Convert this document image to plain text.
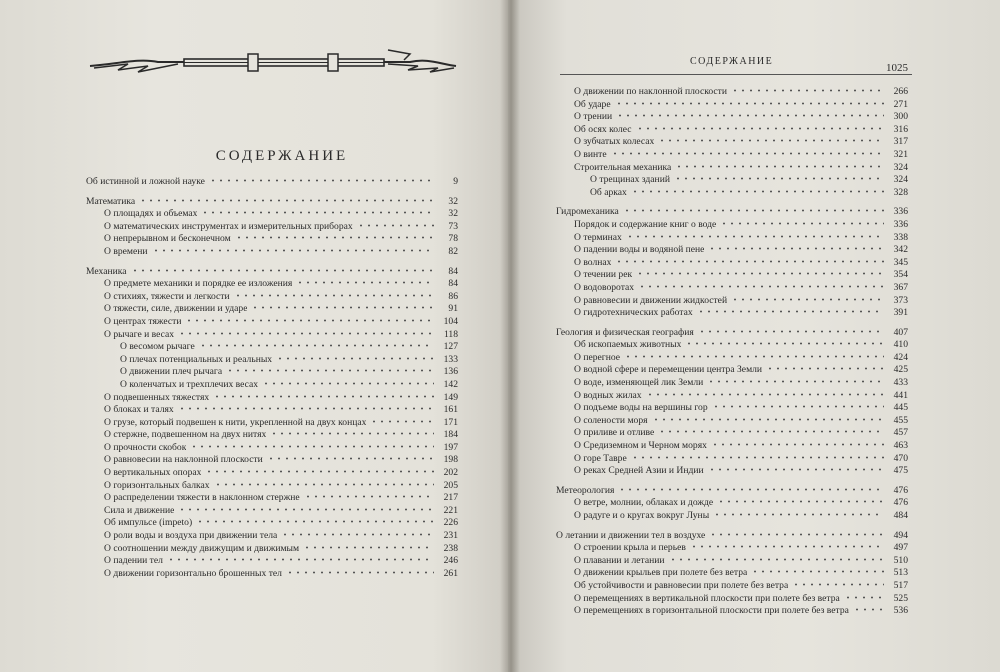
СОДЕРЖАНИЕ
Об истинной и ложной науке	9
Математика	32
О площадях и объемах	32
О математических инструментах и измерительных приборах	73
О непрерывном и бесконечном	78
О времени	82
Механика	84
О предмете механики и порядке ее изложения	84
О стихиях, тяжести и легкости	86
О тяжести, силе, движении и ударе	91
О центрах тяжести	104
О рычаге и весах	118
О весомом рычаге	127
О плечах потенциальных и реальных	133
О движении плеч рычага	136
О коленчатых и трехплечих весах	142
О подвешенных тяжестях	149
О блоках и талях	161
О грузе, который подвешен к нити, укрепленной на двух концах	171
О стержне, подвешенном на двух нитях	184
О прочности скобок	197
О равновесии на наклонной плоскости	198
О вертикальных опорах	202
О горизонтальных балках	205
О распределении тяжести в наклонном стержне	217
Сила и движение	221
Об импульсе (impeto)	226
О роли воды и воздуха при движении тела	231
О соотношении между движущим и движимым	238
О падении тел	246
О движении горизонтально брошенных тел	261
СОДЕРЖАНИЕ
1025
О движении по наклонной плоскости	266
Об ударе	271
О трении	300
Об осях колес	316
О зубчатых колесах	317
О винте	321
Строительная механика	324
О трещинах зданий	324
Об арках	328
Гидромеханика	336
Порядок и содержание книг о воде	336
О терминах	338
О падении воды и водяной пене	342
О волнах	345
О течении рек	354
О водоворотах	367
О равновесии и движении жидкостей	373
О гидротехнических работах	391
Геология и физическая география	407
Об ископаемых животных	410
О перегное	424
О водной сфере и перемещении центра Земли	425
О воде, изменяющей лик Земли	433
О водных жилах	441
О подъеме воды на вершины гор	445
О солености моря	455
О приливе и отливе	457
О Средиземном и Черном морях	463
О горе Тавре	470
О реках Средней Азии и Индии	475
Метеорология	476
О ветре, молнии, облаках и дожде	476
О радуге и о кругах вокруг Луны	484
О летании и движении тел в воздухе	494
О строении крыла и перьев	497
О плавании и летании	510
О движении крыльев при полете без ветра	513
Об устойчивости и равновесии при полете без ветра	517
О перемещениях в вертикальной плоскости при полете без ветра	525
О перемещениях в горизонтальной плоскости при полете без ветра	536
